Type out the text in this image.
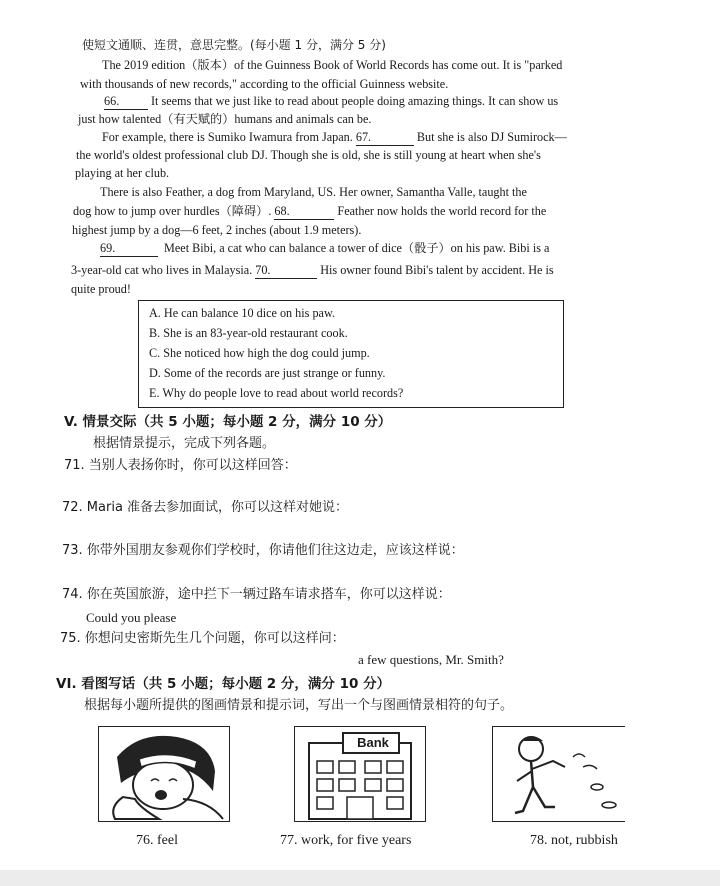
使短文通顺、连贯，意思完整。(每小题 1 分，满分 5 分)
The 2019 edition（版本）of the Guinness Book of World Records has come out. It is "parked
with thousands of new records," according to the official Guinness website.
66.	It seems that we just like to read about people doing amazing things. It can show us
just how talented（有天赋的）humans and animals can be.
For example, there is Sumiko Iwamura from Japan. 67.	But she is also DJ Sumirock—
the world's oldest professional club DJ. Though she is old, she is still young at heart when she's
playing at her club.
There is also Feather, a dog from Maryland, US. Her owner, Samantha Valle, taught the
dog how to jump over hurdles（障碍）. 68.	Feather now holds the world record for the
highest jump by a dog—6 feet, 2 inches (about 1.9 meters).
69.	Meet Bibi, a cat who can balance a tower of dice（骰子）on his paw. Bibi is a
3-year-old cat who lives in Malaysia. 70.	His owner found Bibi's talent by accident. He is
quite proud!
A. He can balance 10 dice on his paw.
B. She is an 83-year-old restaurant cook.
C. She noticed how high the dog could jump.
D. Some of the records are just strange or funny.
E. Why do people love to read about world records?
V. 情景交际（共 5 小题；每小题 2 分，满分 10 分）
根据情景提示，完成下列各题。
71. 当别人表扬你时，你可以这样回答：
72. Maria 准备去参加面试，你可以这样对她说：
73. 你带外国朋友参观你们学校时，你请他们往这边走，应该这样说：
74. 你在英国旅游，途中拦下一辆过路车请求搭车，你可以这样说：
Could you please
75. 你想问史密斯先生几个问题，你可以这样问：
a few questions, Mr. Smith?
VI. 看图写话（共 5 小题；每小题 2 分，满分 10 分）
根据每小题所提供的图画情景和提示词，写出一个与图画情景相符的句子。
Bank
76. feel	77. work, for five years	78. not, rubbish
